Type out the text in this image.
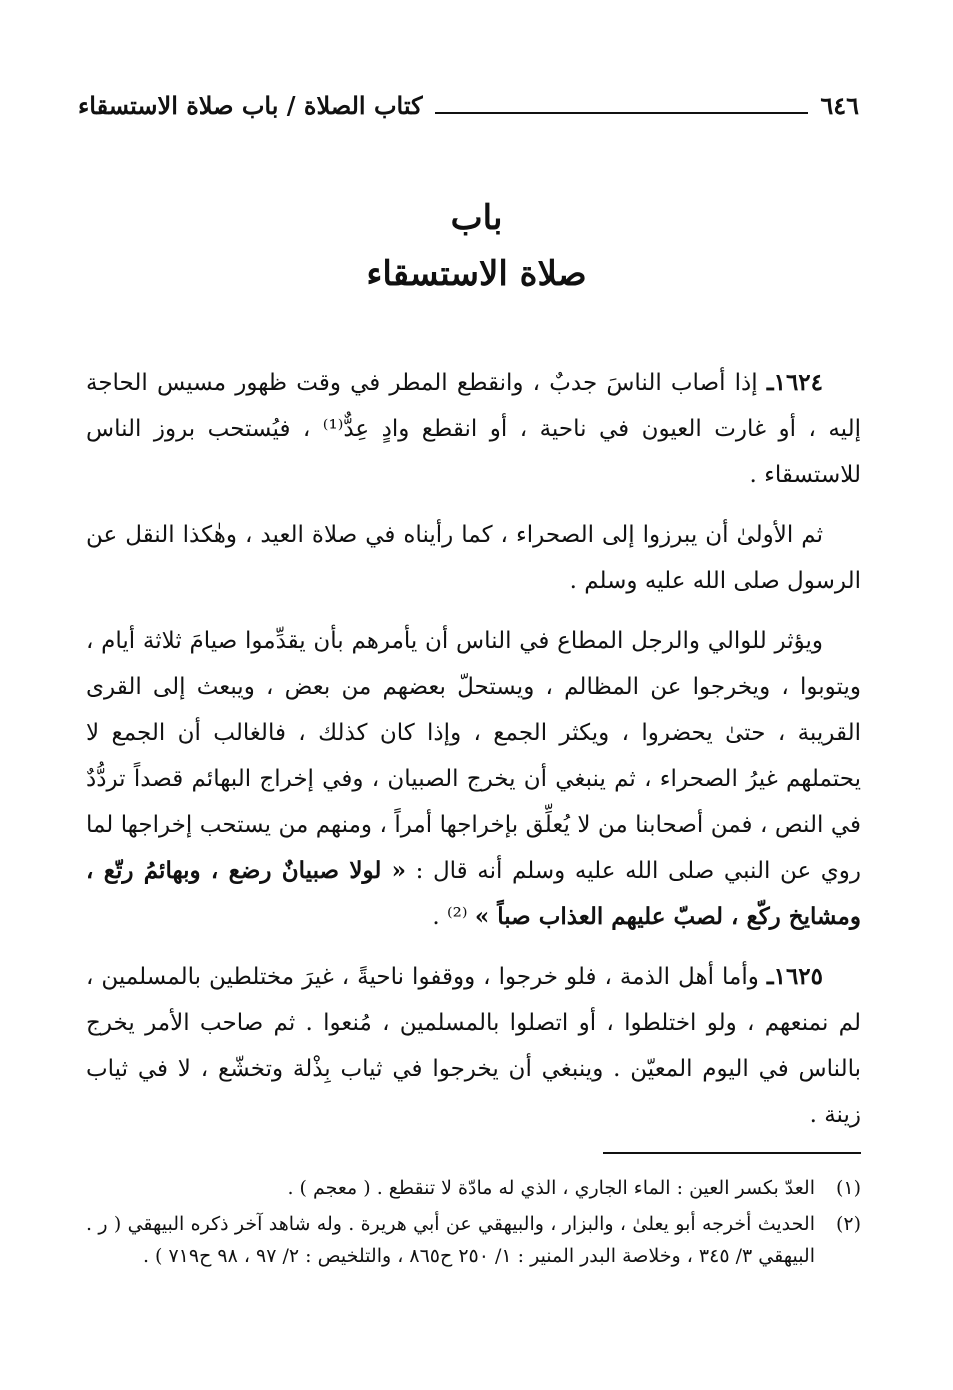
كتاب الصلاة / باب صلاة الاستسقاء	٦٤٦
باب
صلاة الاستسقاء

١٦٢٤ـ إذا أصاب الناسَ جدبٌ ، وانقطع المطر في وقت ظهور مسيس الحاجة إليه ، أو غارت العيون في ناحية ، أو انقطع وادٍ عِدٌّ⁽¹⁾ ، فيُستحب بروز الناس للاستسقاء .

ثم الأولىٰ أن يبرزوا إلى الصحراء ، كما رأيناه في صلاة العيد ، وهٰكذا النقل عن الرسول صلى الله عليه وسلم .

ويؤثر للوالي والرجل المطاع في الناس أن يأمرهم بأن يقدِّموا صيامَ ثلاثة أيام ، ويتوبوا ، ويخرجوا عن المظالم ، ويستحلّ بعضهم من بعض ، ويبعث إلى القرى القريبة ، حتىٰ يحضروا ، ويكثر الجمع ، وإذا كان كذلك ، فالغالب أن الجمع لا يحتملهم غيرُ الصحراء ، ثم ينبغي أن يخرج الصبيان ، وفي إخراج البهائم قصداً تردُّدٌ في النص ، فمن أصحابنا من لا يُعلِّق بإخراجها أمراً ، ومنهم من يستحب إخراجها لما روي عن النبي صلى الله عليه وسلم أنه قال : « لولا صبيانٌ رضع ، وبهائمُ رتّع ، ومشايخ ركّع ، لصبّ عليهم العذاب صباً » ⁽²⁾ .

١٦٢٥ـ وأما أهل الذمة ، فلو خرجوا ، ووقفوا ناحيةً ، غيرَ مختلطين بالمسلمين ، لم نمنعهم ، ولو اختلطوا ، أو اتصلوا بالمسلمين ، مُنعوا . ثم صاحب الأمر يخرج بالناس في اليوم المعيّن . وينبغي أن يخرجوا في ثياب بِذْلة وتخشّع ، لا في ثياب زينة .

(١)
العدّ بكسر العين : الماء الجاري ، الذي له مادّة لا تنقطع . ( معجم ) .
(٢)
الحديث أخرجه أبو يعلىٰ ، والبزار ، والبيهقي عن أبي هريرة . وله شاهد آخر ذكره البيهقي ( ر . البيهقي ٣/ ٣٤٥ ، وخلاصة البدر المنير : ١/ ٢٥٠ ح٨٦٥ ، والتلخيص : ٢/ ٩٧ ، ٩٨ ح٧١٩ ) .
